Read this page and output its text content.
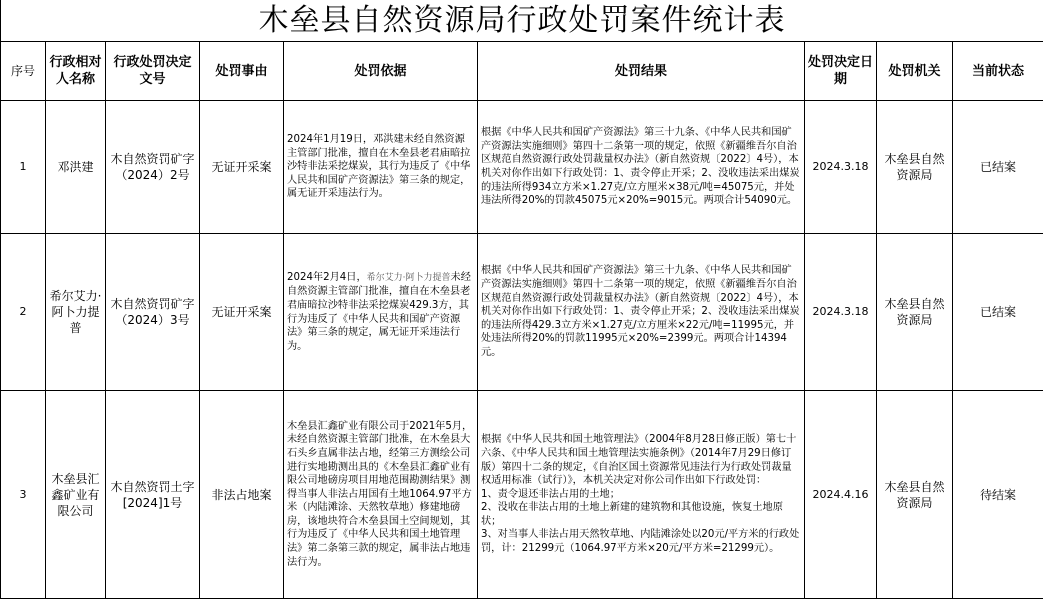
木垒县自然资源局行政处罚案件统计表								
序号	行政相对人名称	行政处罚决定文号	处罚事由	处罚依据	处罚结果	处罚决定日期	处罚机关	当前状态
1	邓洪建	木自然资罚矿字（2024）2号	无证开采案	2024年1月19日，邓洪建未经自然资源主管部门批准，擅自在木垒县老君庙暗拉沙特非法采挖煤炭，其行为违反了《中华人民共和国矿产资源法》第三条的规定，属无证开采违法行为。	根据《中华人民共和国矿产资源法》第三十九条、《中华人民共和国矿产资源法实施细则》第四十二条第一项的规定，依照《新疆维吾尔自治区规范自然资源行政处罚裁量权办法》（新自然资规〔2022〕4号），本机关对你作出如下行政处罚：1、责令停止开采；2、没收违法采出煤炭的违法所得934立方米×1.27克/立方厘米×38元/吨=45075元，并处违法所得20%的罚款45075元×20%=9015元。两项合计54090元。	2024.3.18	木垒县自然资源局	已结案
2	希尔艾力·阿卜力提普	木自然资罚矿字（2024）3号	无证开采案	2024年2月4日，希尔艾力·阿卜力提普未经自然资源主管部门批准，擅自在木垒县老君庙暗拉沙特非法采挖煤炭429.3方，其行为违反了《中华人民共和国矿产资源法》第三条的规定，属无证开采违法行为。	根据《中华人民共和国矿产资源法》第三十九条、《中华人民共和国矿产资源法实施细则》第四十二条第一项的规定，依照《新疆维吾尔自治区规范自然资源行政处罚裁量权办法》（新自然资规〔2022〕4号），本机关对你作出如下行政处罚：1、责令停止开采；2、没收违法采出煤炭的违法所得429.3立方米×1.27克/立方厘米×22元/吨=11995元，并处违法所得20%的罚款11995元×20%=2399元。两项合计14394元。	2024.3.18	木垒县自然资源局	已结案
3	木垒县汇鑫矿业有限公司	木自然资罚土字[2024]1号	非法占地案	木垒县汇鑫矿业有限公司于2021年5月，未经自然资源主管部门批准，在木垒县大石头乡直属非法占地，经第三方测绘公司进行实地勘测出具的《木垒县汇鑫矿业有限公司地磅房项目用地范围勘测结果》测得当事人非法占用国有土地1064.97平方米（内陆滩涂、天然牧草地）修建地磅房，该地块符合木垒县国土空间规划，其行为违反了《中华人民共和国土地管理法》第二条第三款的规定，属非法占地违法行为。	根据《中华人民共和国土地管理法》（2004年8月28日修正版）第七十六条、《中华人民共和国土地管理法实施条例》（2014年7月29日修订版）第四十二条的规定，《自治区国土资源常见违法行为行政处罚裁量权适用标准（试行）》，本机关决定对你公司作出如下行政处罚：
1、责令退还非法占用的土地；
2、没收在非法占用的土地上新建的建筑物和其他设施，恢复土地原状；
3、对当事人非法占用天然牧草地、内陆滩涂处以20元/平方米的行政处罚，计：21299元（1064.97平方米×20元/平方米=21299元）。	2024.4.16	木垒县自然资源局	待结案
